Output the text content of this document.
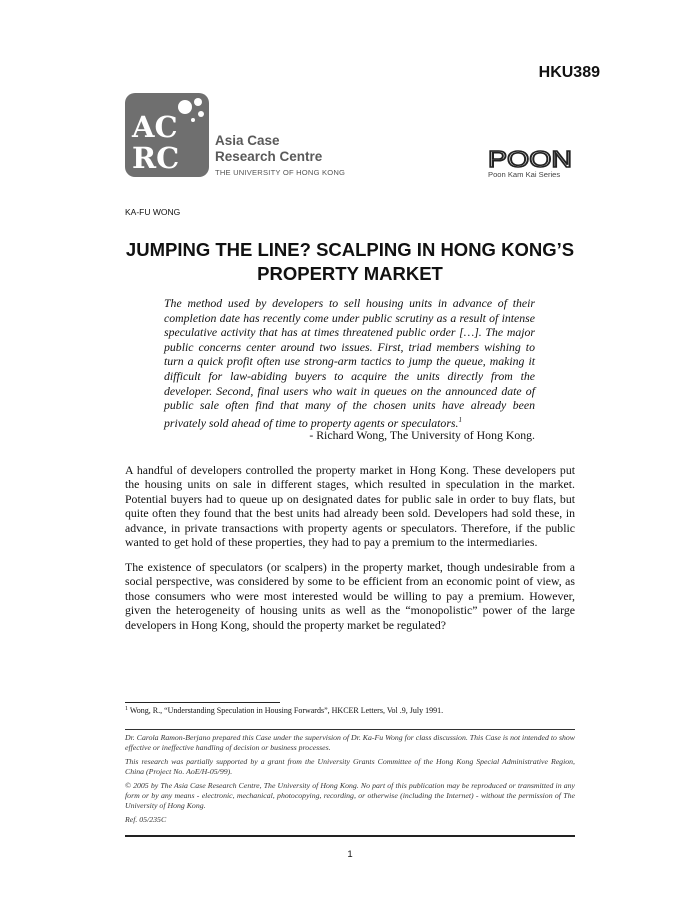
HKU389
AC
RC
Asia Case
Research Centre
THE UNIVERSITY OF HONG KONG
POON
Poon Kam Kai Series
KA-FU WONG
JUMPING THE LINE? SCALPING IN HONG KONG’S PROPERTY MARKET
The method used by developers to sell housing units in advance of their completion date has recently come under public scrutiny as a result of intense speculative activity that has at times threatened public order […]. The major public concerns center around two issues. First, triad members wishing to turn a quick profit often use strong-arm tactics to jump the queue, making it difficult for law-abiding buyers to acquire the units directly from the developer. Second, final users who wait in queues on the announced date of public sale often find that many of the chosen units have already been privately sold ahead of time to property agents or speculators.$^1$
- Richard Wong, The University of Hong Kong.
A handful of developers controlled the property market in Hong Kong. These developers put the housing units on sale in different stages, which resulted in speculation in the market. Potential buyers had to queue up on designated dates for public sale in order to buy flats, but quite often they found that the best units had already been sold. Developers had sold these, in advance, in private transactions with property agents or speculators. Therefore, if the public wanted to get hold of these properties, they had to pay a premium to the intermediaries.
The existence of speculators (or scalpers) in the property market, though undesirable from a social perspective, was considered by some to be efficient from an economic point of view, as those consumers who were most interested would be willing to pay a premium. However, given the heterogeneity of housing units as well as the “monopolistic” power of the large developers in Hong Kong, should the property market be regulated?
$^1$ Wong, R., “Understanding Speculation in Housing Forwards”, HKCER Letters, Vol .9, July 1991.
Dr. Carola Ramon-Berjano prepared this Case under the supervision of Dr. Ka-Fu Wong for class discussion. This Case is not intended to show effective or ineffective handling of decision or business processes.
This research was partially supported by a grant from the University Grants Committee of the Hong Kong Special Administrative Region, China (Project No. AoE/H-05/99).
© 2005 by The Asia Case Research Centre, The University of Hong Kong. No part of this publication may be reproduced or transmitted in any form or by any means - electronic, mechanical, photocopying, recording, or otherwise (including the Internet) - without the permission of The University of Hong Kong.
Ref. 05/235C
1
